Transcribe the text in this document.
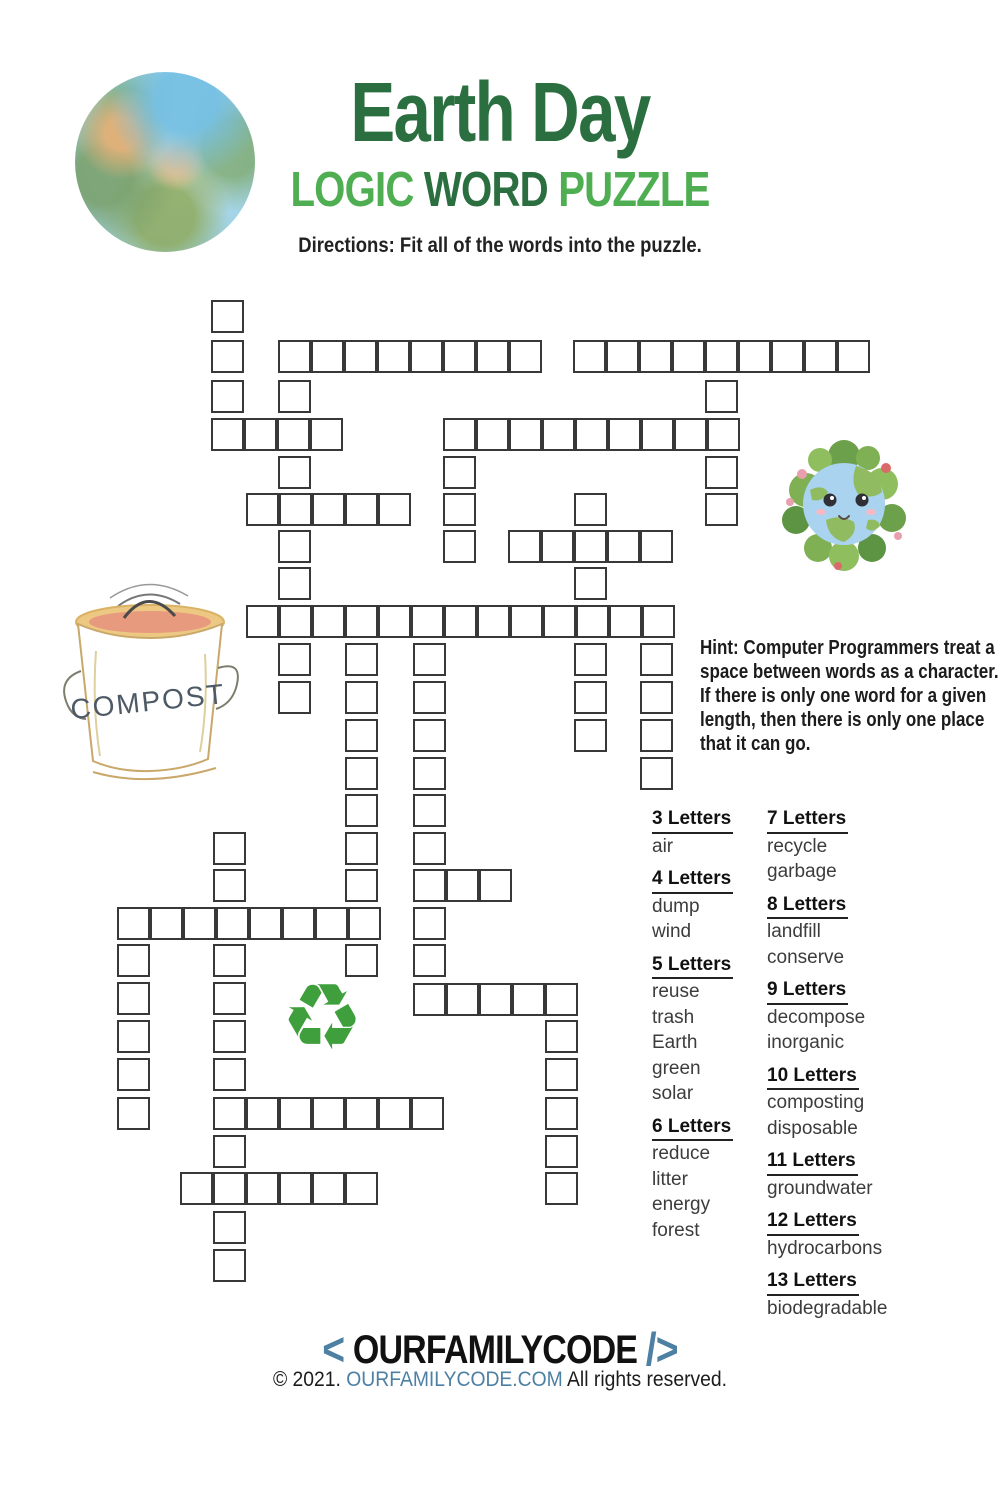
Earth Day
LOGIC WORD PUZZLE
Directions: Fit all of the words into the puzzle.
COMPOST
♻
Hint: Computer Programmers treat a space between words as a character. If there is only one word for a given length, then there is only one place that it can go.
3 Letters
air
4 Letters
dump
wind
5 Letters
reuse
trash
Earth
green
solar
6 Letters
reduce
litter
energy
forest
7 Letters
recycle
garbage
8 Letters
landfill
conserve
9 Letters
decompose
inorganic
10 Letters
composting
disposable
11 Letters
groundwater
12 Letters
hydrocarbons
13 Letters
biodegradable
< OURFAMILYCODE />
© 2021. OURFAMILYCODE.COM All rights reserved.
